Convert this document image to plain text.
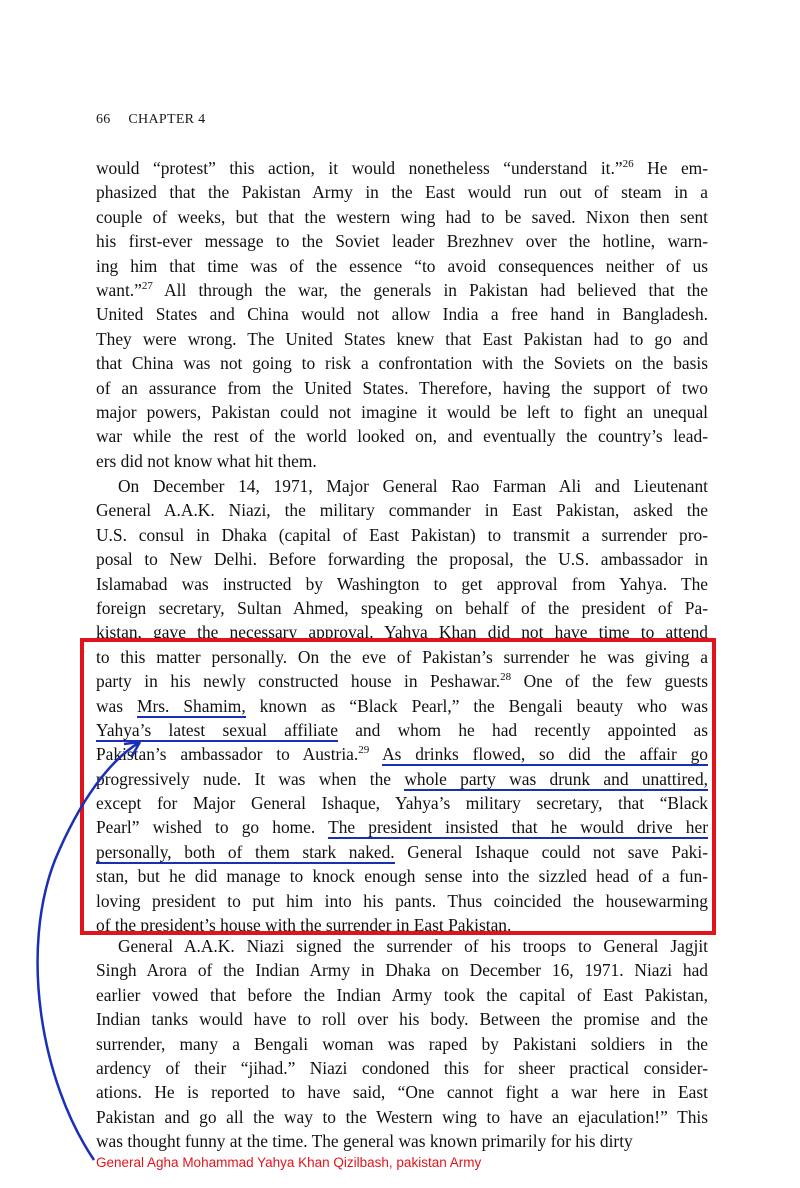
66 CHAPTER 4
would “protest” this action, it would nonetheless “understand it.”$^{26}$ He em-
phasized that the Pakistan Army in the East would run out of steam in a
couple of weeks, but that the western wing had to be saved. Nixon then sent
his first-ever message to the Soviet leader Brezhnev over the hotline, warn-
ing him that time was of the essence “to avoid consequences neither of us
want.”$^{27}$ All through the war, the generals in Pakistan had believed that the
United States and China would not allow India a free hand in Bangladesh.
They were wrong. The United States knew that East Pakistan had to go and
that China was not going to risk a confrontation with the Soviets on the basis
of an assurance from the United States. Therefore, having the support of two
major powers, Pakistan could not imagine it would be left to fight an unequal
war while the rest of the world looked on, and eventually the country’s lead-
ers did not know what hit them.
On December 14, 1971, Major General Rao Farman Ali and Lieutenant
General A.A.K. Niazi, the military commander in East Pakistan, asked the
U.S. consul in Dhaka (capital of East Pakistan) to transmit a surrender pro-
posal to New Delhi. Before forwarding the proposal, the U.S. ambassador in
Islamabad was instructed by Washington to get approval from Yahya. The
foreign secretary, Sultan Ahmed, speaking on behalf of the president of Pa-
kistan, gave the necessary approval. Yahya Khan did not have time to attend
to this matter personally. On the eve of Pakistan’s surrender he was giving a
party in his newly constructed house in Peshawar.$^{28}$ One of the few guests
was Mrs. Shamim, known as “Black Pearl,” the Bengali beauty who was
Yahya’s latest sexual affiliate and whom he had recently appointed as
Pakistan’s ambassador to Austria.$^{29}$ As drinks flowed, so did the affair go
progressively nude. It was when the whole party was drunk and unattired,
except for Major General Ishaque, Yahya’s military secretary, that “Black
Pearl” wished to go home. The president insisted that he would drive her
personally, both of them stark naked. General Ishaque could not save Paki-
stan, but he did manage to knock enough sense into the sizzled head of a fun-
loving president to put him into his pants. Thus coincided the housewarming
of the president’s house with the surrender in East Pakistan.
General A.A.K. Niazi signed the surrender of his troops to General Jagjit
Singh Arora of the Indian Army in Dhaka on December 16, 1971. Niazi had
earlier vowed that before the Indian Army took the capital of East Pakistan,
Indian tanks would have to roll over his body. Between the promise and the
surrender, many a Bengali woman was raped by Pakistani soldiers in the
ardency of their “jihad.” Niazi condoned this for sheer practical consider-
ations. He is reported to have said, “One cannot fight a war here in East
Pakistan and go all the way to the Western wing to have an ejaculation!” This
was thought funny at the time. The general was known primarily for his dirty
General Agha Mohammad Yahya Khan Qizilbash, pakistan Army
